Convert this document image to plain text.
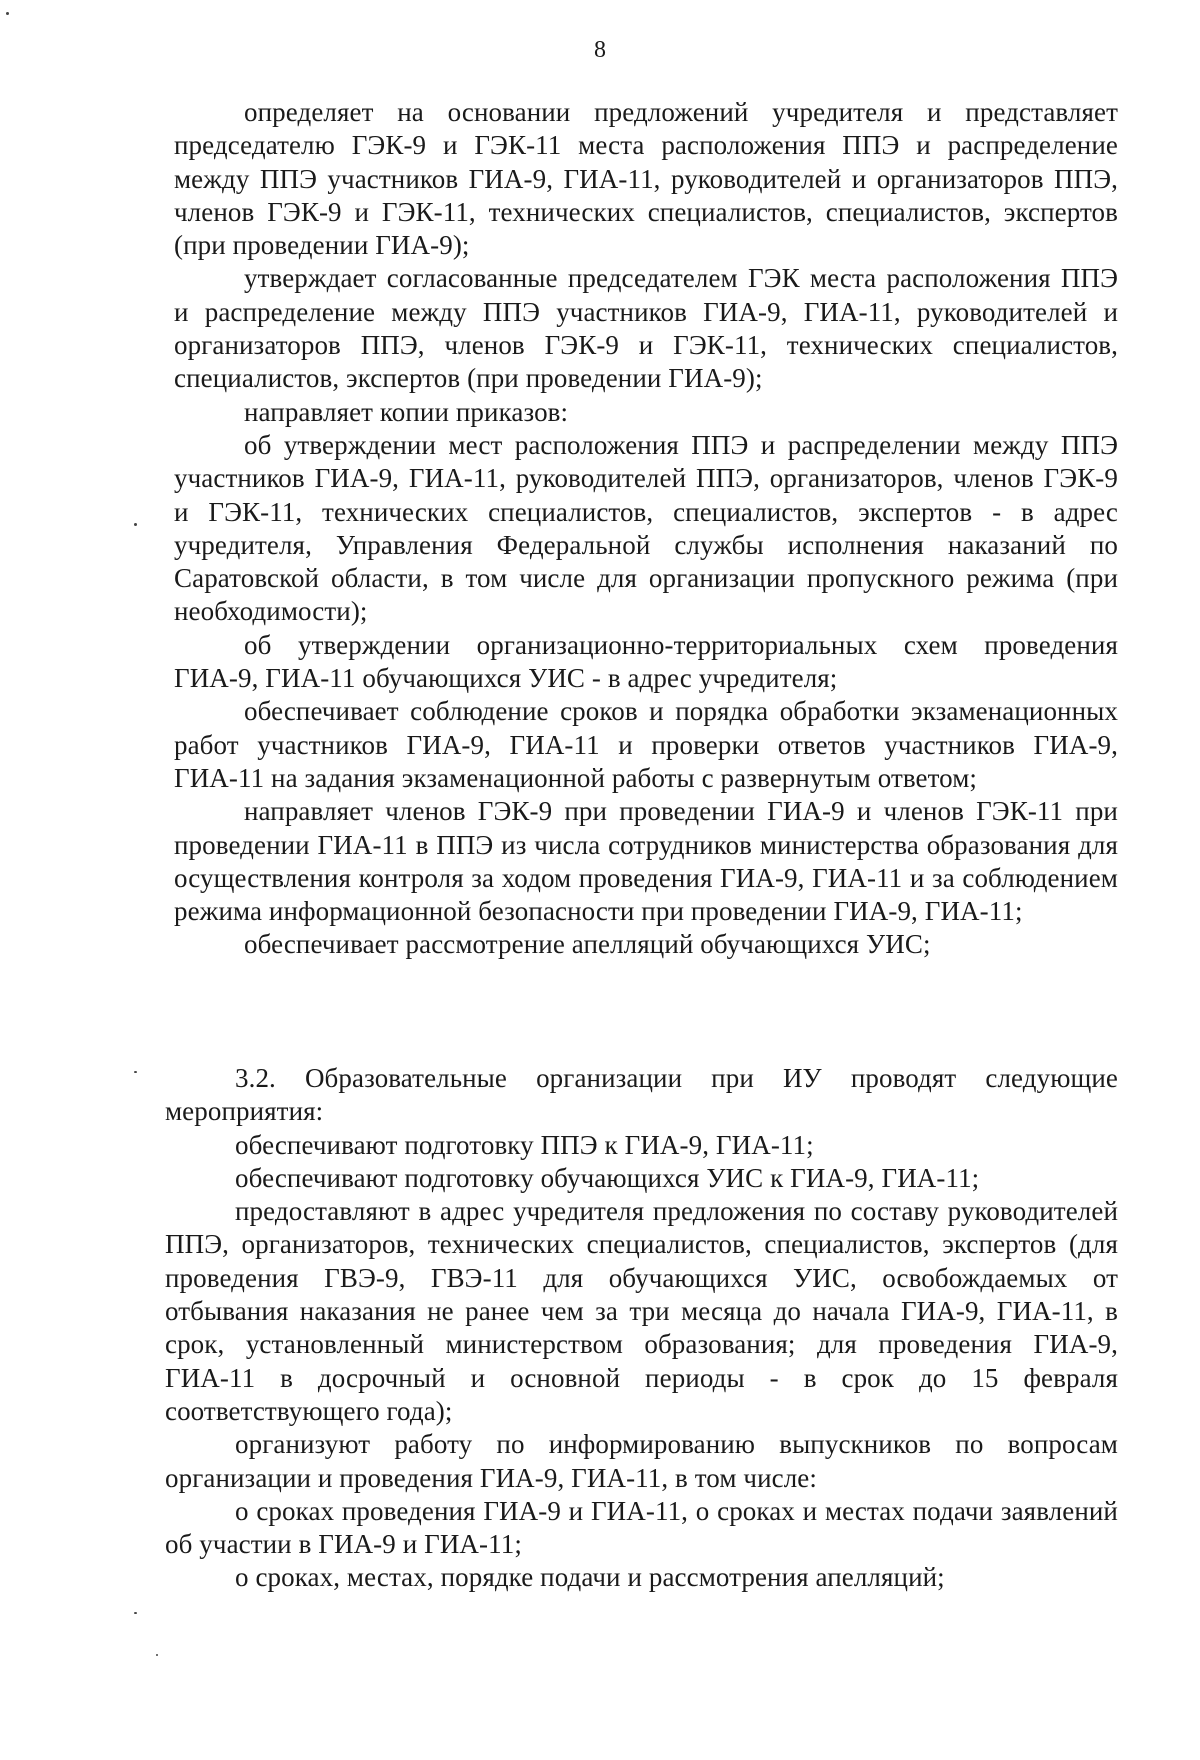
8

определяет на основании предложений учредителя и представляет председателю ГЭК-9 и ГЭК-11 места расположения ППЭ и распределение между ППЭ участников ГИА-9, ГИА-11, руководителей и организаторов ППЭ, членов ГЭК-9 и ГЭК-11, технических специалистов, специалистов, экспертов (при проведении ГИА-9);

утверждает согласованные председателем ГЭК места расположения ППЭ и распределение между ППЭ участников ГИА-9, ГИА-11, руководителей и организаторов ППЭ, членов ГЭК-9 и ГЭК-11, технических специалистов, специалистов, экспертов (при проведении ГИА-9);

направляет копии приказов:

об утверждении мест расположения ППЭ и распределении между ППЭ участников ГИА-9, ГИА-11, руководителей ППЭ, организаторов, членов ГЭК-9 и ГЭК-11, технических специалистов, специалистов, экспертов - в адрес учредителя, Управления Федеральной службы исполнения наказаний по Саратовской области, в том числе для организации пропускного режима (при необходимости);

об утверждении организационно-территориальных схем проведения ГИА-9, ГИА-11 обучающихся УИС - в адрес учредителя;

обеспечивает соблюдение сроков и порядка обработки экзаменационных работ участников ГИА-9, ГИА-11 и проверки ответов участников ГИА-9, ГИА-11 на задания экзаменационной работы с развернутым ответом;

направляет членов ГЭК-9 при проведении ГИА-9 и членов ГЭК-11 при проведении ГИА-11 в ППЭ из числа сотрудников министерства образования для осуществления контроля за ходом проведения ГИА-9, ГИА-11 и за соблюдением режима информационной безопасности при проведении ГИА-9, ГИА-11;

обеспечивает рассмотрение апелляций обучающихся УИС;

3.2. Образовательные организации при ИУ проводят следующие мероприятия:

обеспечивают подготовку ППЭ к ГИА-9, ГИА-11;

обеспечивают подготовку обучающихся УИС к ГИА-9, ГИА-11;

предоставляют в адрес учредителя предложения по составу руководителей ППЭ, организаторов, технических специалистов, специалистов, экспертов (для проведения ГВЭ-9, ГВЭ-11 для обучающихся УИС, освобождаемых от отбывания наказания не ранее чем за три месяца до начала ГИА-9, ГИА-11, в срок, установленный министерством образования; для проведения ГИА-9, ГИА-11 в досрочный и основной периоды - в срок до 15 февраля соответствующего года);

организуют работу по информированию выпускников по вопросам организации и проведения ГИА-9, ГИА-11, в том числе:

о сроках проведения ГИА-9 и ГИА-11, о сроках и местах подачи заявлений об участии в ГИА-9 и ГИА-11;

о сроках, местах, порядке подачи и рассмотрения апелляций;
